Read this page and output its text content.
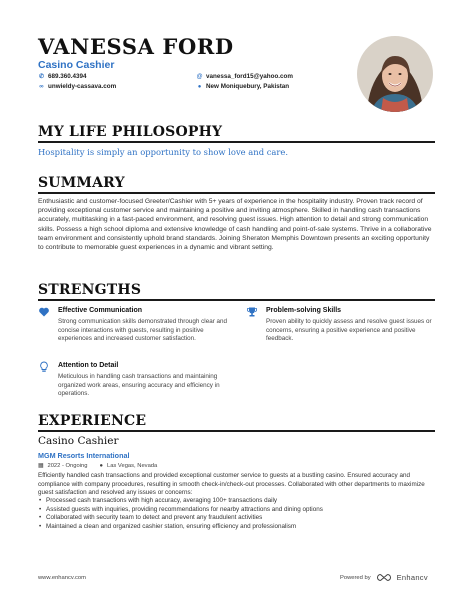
VANESSA FORD
Casino Cashier
✆ 689.360.4394	@ vanessa_ford15@yahoo.com
∞ unwieldy-cassava.com	● New Moniquebury, Pakistan
MY LIFE PHILOSOPHY
Hospitality is simply an opportunity to show love and care.
SUMMARY
Enthusiastic and customer-focused Greeter/Cashier with 5+ years of experience in the hospitality industry. Proven track record of providing exceptional customer service and maintaining a positive and inviting atmosphere. Skilled in handling cash transactions accurately, multitasking in a fast-paced environment, and resolving guest issues. High attention to detail and strong communication skills. Possess a high school diploma and extensive knowledge of cash handling and point-of-sale systems. Thrive in a collaborative team environment and consistently uphold brand standards. Joining Sheraton Memphis Downtown presents an exciting opportunity to contribute to memorable guest experiences in a dynamic and vibrant setting.
STRENGTHS
Effective Communication
Strong communication skills demonstrated through clear and concise interactions with guests, resulting in positive experiences and increased customer satisfaction.
Problem-solving Skills
Proven ability to quickly assess and resolve guest issues or concerns, ensuring a positive experience and positive feedback.
Attention to Detail
Meticulous in handling cash transactions and maintaining organized work areas, ensuring accuracy and efficiency in operations.
EXPERIENCE
Casino Cashier
MGM Resorts International
▦ 2022 - Ongoing ● Las Vegas, Nevada
Efficiently handled cash transactions and provided exceptional customer service to guests at a bustling casino. Ensured accuracy and compliance with company procedures, resulting in smooth check-in/check-out processes. Collaborated with other departments to maximize guest satisfaction and resolved any issues or concerns:
• Processed cash transactions with high accuracy, averaging 100+ transactions daily
• Assisted guests with inquiries, providing recommendations for nearby attractions and dining options
• Collaborated with security team to detect and prevent any fraudulent activities
• Maintained a clean and organized cashier station, ensuring efficiency and professionalism
www.enhancv.com	Powered by	Enhancv
